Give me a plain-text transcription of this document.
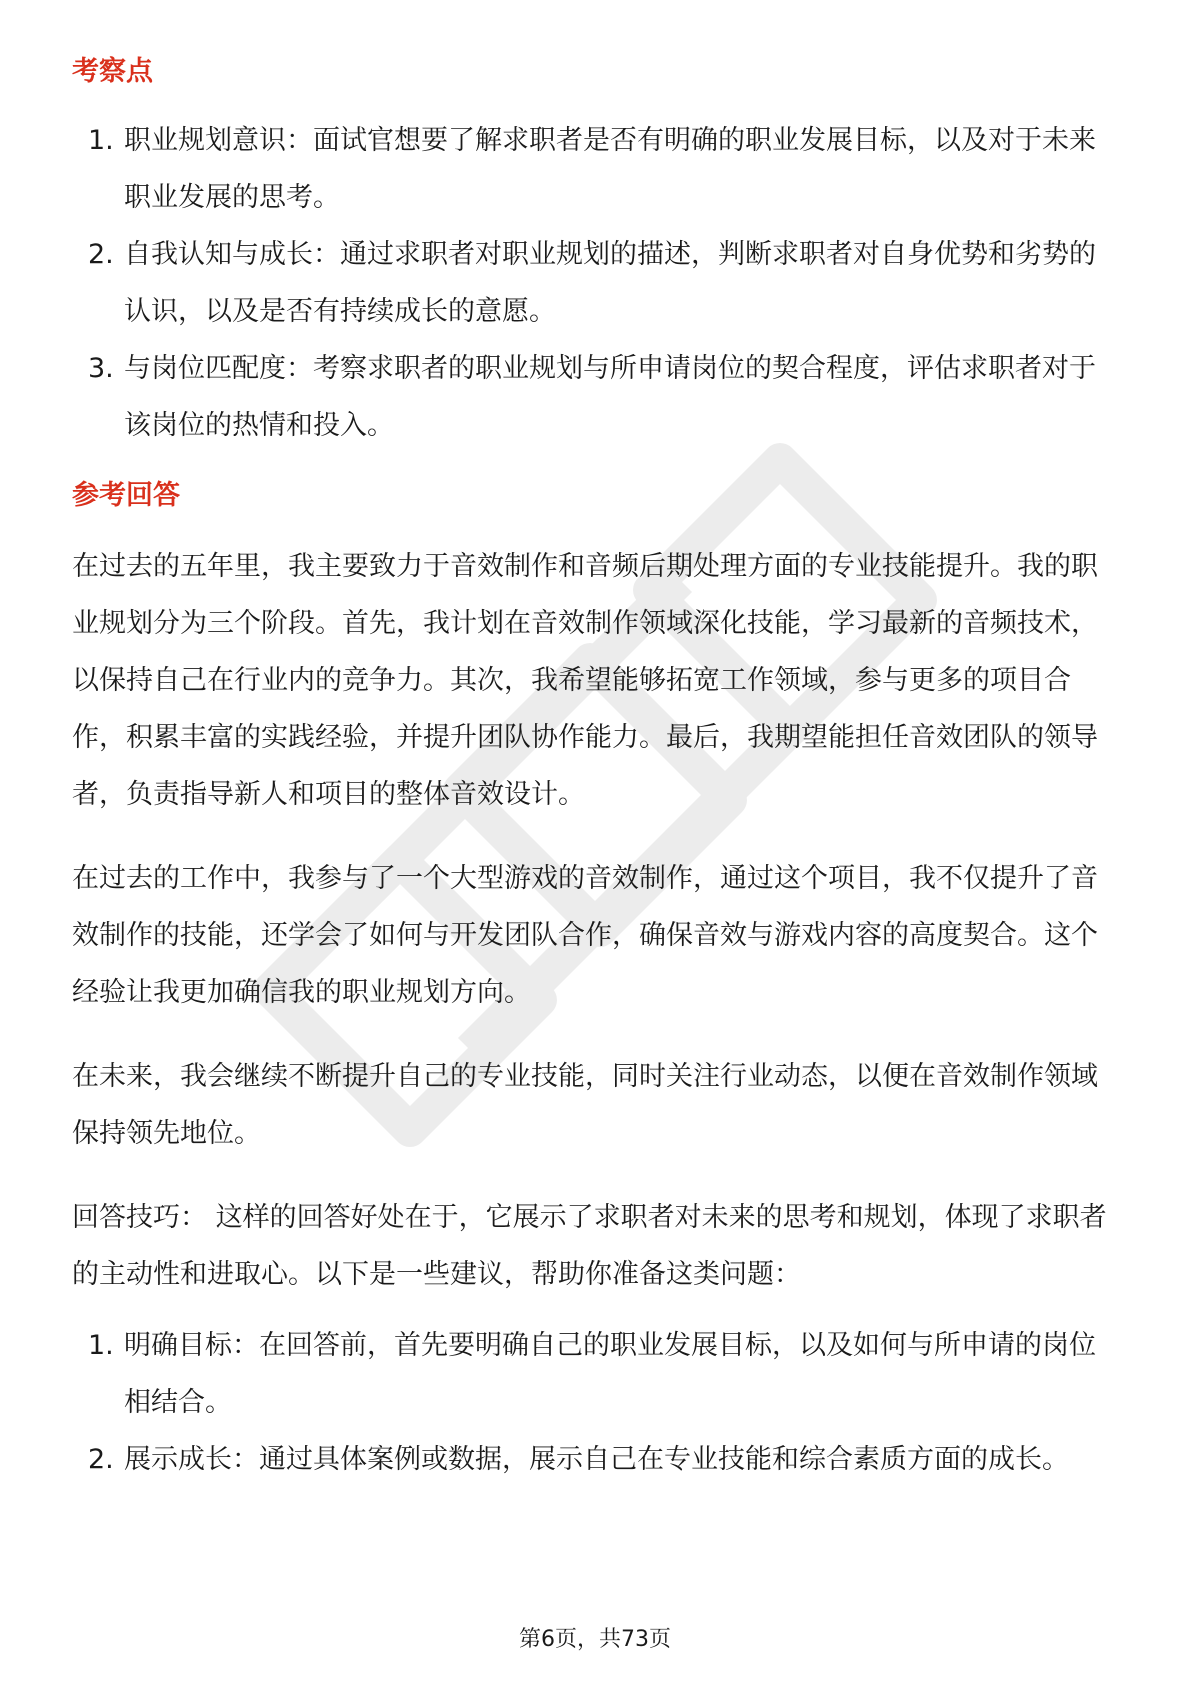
考察点
1. 职业规划意识：面试官想要了解求职者是否有明确的职业发展目标，以及对于未来职业发展的思考。
2. 自我认知与成长：通过求职者对职业规划的描述，判断求职者对自身优势和劣势的认识，以及是否有持续成长的意愿。
3. 与岗位匹配度：考察求职者的职业规划与所申请岗位的契合程度，评估求职者对于该岗位的热情和投入。
参考回答

在过去的五年里，我主要致力于音效制作和音频后期处理方面的专业技能提升。我的职业规划分为三个阶段。首先，我计划在音效制作领域深化技能，学习最新的音频技术，以保持自己在行业内的竞争力。其次，我希望能够拓宽工作领域，参与更多的项目合作，积累丰富的实践经验，并提升团队协作能力。最后，我期望能担任音效团队的领导者，负责指导新人和项目的整体音效设计。

在过去的工作中，我参与了一个大型游戏的音效制作，通过这个项目，我不仅提升了音效制作的技能，还学会了如何与开发团队合作，确保音效与游戏内容的高度契合。这个经验让我更加确信我的职业规划方向。

在未来，我会继续不断提升自己的专业技能，同时关注行业动态，以便在音效制作领域保持领先地位。

回答技巧： 这样的回答好处在于，它展示了求职者对未来的思考和规划，体现了求职者的主动性和进取心。以下是一些建议，帮助你准备这类问题：

1. 明确目标：在回答前，首先要明确自己的职业发展目标，以及如何与所申请的岗位相结合。
2. 展示成长：通过具体案例或数据，展示自己在专业技能和综合素质方面的成长。
第6页，共73页
